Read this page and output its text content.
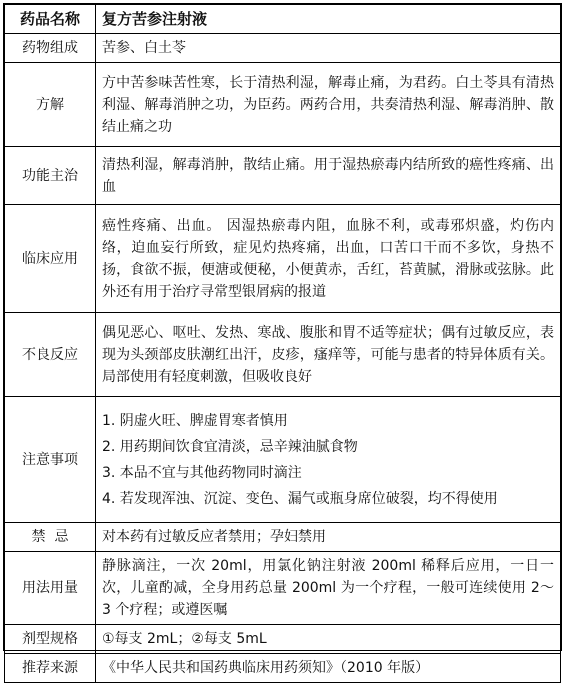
药品名称	复方苦参注射液
药物组成	苦参、白土苓
方解	方中苦参味苦性寒，长于清热利湿，解毒止痛，为君药。白土苓具有清热利湿、解毒消肿之功，为臣药。两药合用，共奏清热利湿、解毒消肿、散结止痛之功
功能主治	清热利湿，解毒消肿，散结止痛。用于湿热瘀毒内结所致的癌性疼痛、出血
临床应用	癌性疼痛、出血。 因湿热瘀毒内阻，血脉不利，或毒邪炽盛，灼伤内络，迫血妄行所致，症见灼热疼痛，出血，口苦口干而不多饮，身热不 扬，食欲不振，便溏或便秘，小便黄赤，舌红，苔黄腻，滑脉或弦脉。此外还有用于治疗寻常型银屑病的报道
不良反应	偶见恶心、呕吐、发热、寒战、腹胀和胃不适等症状；偶有过敏反应，表现为头颈部皮肤潮红出汗，皮疹，瘙痒等，可能与患者的特异体质有关。局部使用有轻度刺激，但吸收良好
注意事项	1. 阴虚火旺、脾虚胃寒者慎用
2. 用药期间饮食宜清淡，忌辛辣油腻食物
3. 本品不宜与其他药物同时滴注
4. 若发现浑浊、沉淀、变色、漏气或瓶身席位破裂，均不得使用

禁  忌	对本药有过敏反应者禁用；孕妇禁用
用法用量	静脉滴注，一次 20ml，用氯化钠注射液 200ml 稀释后应用，一日一次，儿童酌减，全身用药总量 200ml 为一个疗程，一般可连续使用 2～3 个疗程；或遵医嘱
剂型规格	①每支 2mL；②每支 5mL
推荐来源	《中华人民共和国药典临床用药须知》（2010 年版）
